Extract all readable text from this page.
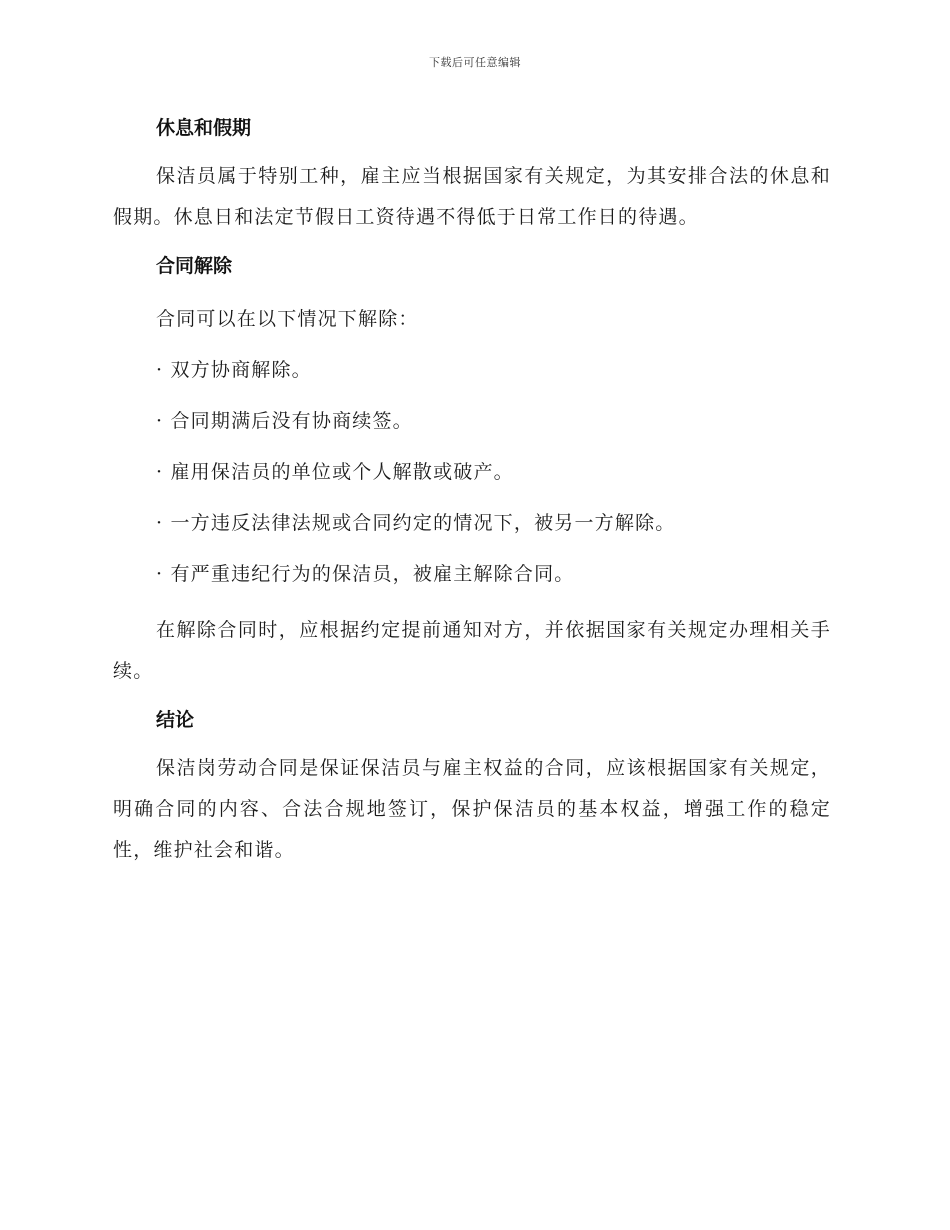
下载后可任意编辑
休息和假期

保洁员属于特别工种，雇主应当根据国家有关规定，为其安排合法的休息和假期。休息日和法定节假日工资待遇不得低于日常工作日的待遇。

合同解除

合同可以在以下情况下解除：

· 双方协商解除。

· 合同期满后没有协商续签。

· 雇用保洁员的单位或个人解散或破产。

· 一方违反法律法规或合同约定的情况下，被另一方解除。

· 有严重违纪行为的保洁员，被雇主解除合同。

在解除合同时，应根据约定提前通知对方，并依据国家有关规定办理相关手续。

结论

保洁岗劳动合同是保证保洁员与雇主权益的合同，应该根据国家有关规定，明确合同的内容、合法合规地签订，保护保洁员的基本权益，增强工作的稳定性，维护社会和谐。
